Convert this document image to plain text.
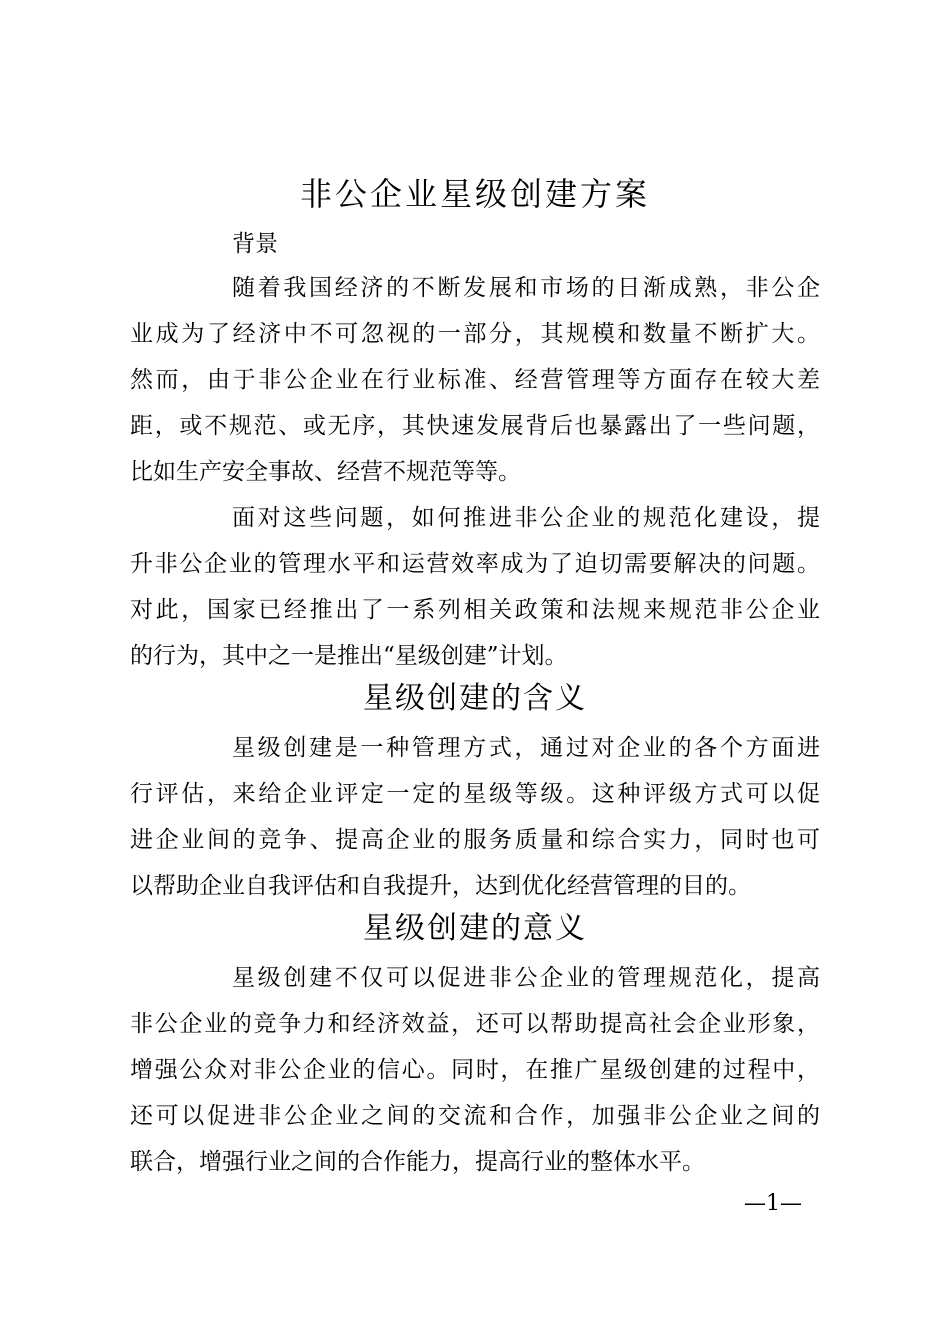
非公企业星级创建方案
背景
随着我国经济的不断发展和市场的日渐成熟，非公企
业成为了经济中不可忽视的一部分，其规模和数量不断扩大。
然而，由于非公企业在行业标准、经营管理等方面存在较大差
距，或不规范、或无序，其快速发展背后也暴露出了一些问题，
比如生产安全事故、经营不规范等等。
面对这些问题，如何推进非公企业的规范化建设，提
升非公企业的管理水平和运营效率成为了迫切需要解决的问题。
对此，国家已经推出了一系列相关政策和法规来规范非公企业
的行为，其中之一是推出“星级创建”计划。
星级创建的含义
星级创建是一种管理方式，通过对企业的各个方面进
行评估，来给企业评定一定的星级等级。这种评级方式可以促
进企业间的竞争、提高企业的服务质量和综合实力，同时也可
以帮助企业自我评估和自我提升，达到优化经营管理的目的。
星级创建的意义
星级创建不仅可以促进非公企业的管理规范化，提高
非公企业的竞争力和经济效益，还可以帮助提高社会企业形象，
增强公众对非公企业的信心。同时，在推广星级创建的过程中，
还可以促进非公企业之间的交流和合作，加强非公企业之间的
联合，增强行业之间的合作能力，提高行业的整体水平。
—1—
